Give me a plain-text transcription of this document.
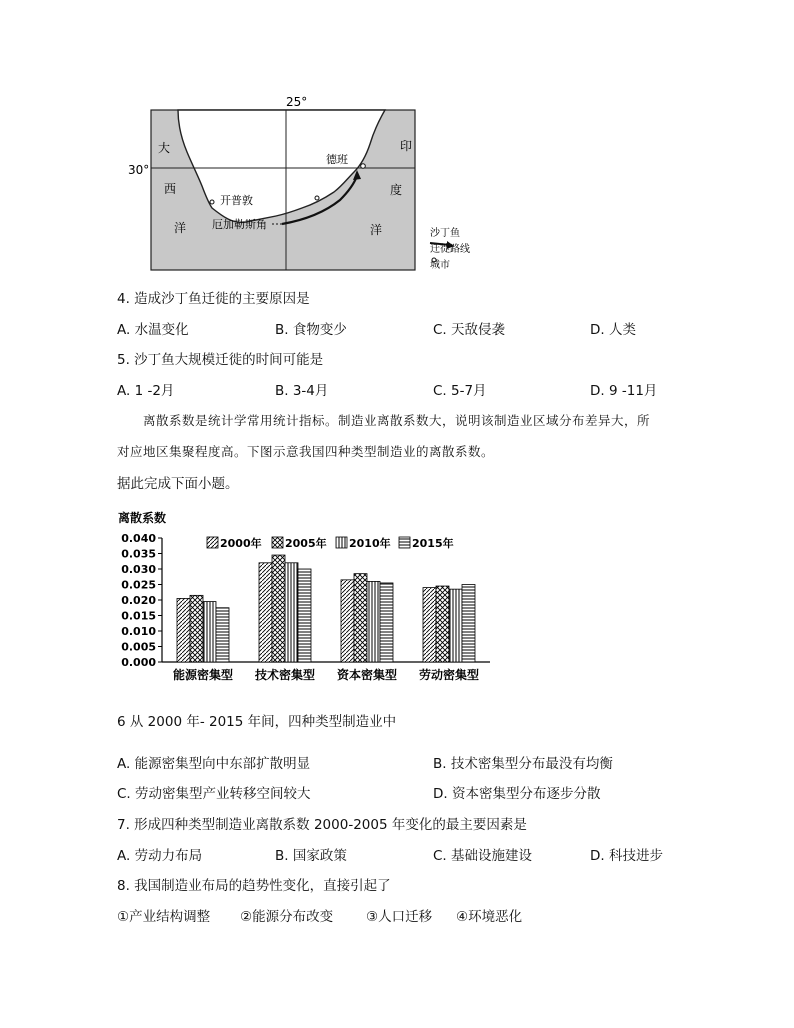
25°
30°
德班
开普敦
厄加勒斯角
大
西
洋
印
度
洋	沙丁鱼
迁徙路线
城市
4. 造成沙丁鱼迁徙的主要原因是
A. 水温变化	B. 食物变少	C. 天敌侵袭	D. 人类
5. 沙丁鱼大规模迁徙的时间可能是
A. 1 -2月	B. 3-4月	C. 5-7月	D. 9 -11月
离散系数是统计学常用统计指标。制造业离散系数大，说明该制造业区域分布差异大，所
对应地区集聚程度高。下图示意我国四种类型制造业的离散系数。
据此完成下面小题。
离散系数
2000年 2005年 2010年 2015年
0.000
0.005
0.010
0.015
0.020
0.025
0.030
0.035
0.040
能源密集型 技术密集型 资本密集型 劳动密集型
6 从 2000 年- 2015 年间，四种类型制造业中
A. 能源密集型向中东部扩散明显	B. 技术密集型分布最没有均衡
C. 劳动密集型产业转移空间较大	D. 资本密集型分布逐步分散
7. 形成四种类型制造业离散系数 2000-2005 年变化的最主要因素是
A. 劳动力布局	B. 国家政策	C. 基础设施建设	D. 科技进步
8. 我国制造业布局的趋势性变化，直接引起了
①产业结构调整 ②能源分布改变 ③人口迁移 ④环境恶化
